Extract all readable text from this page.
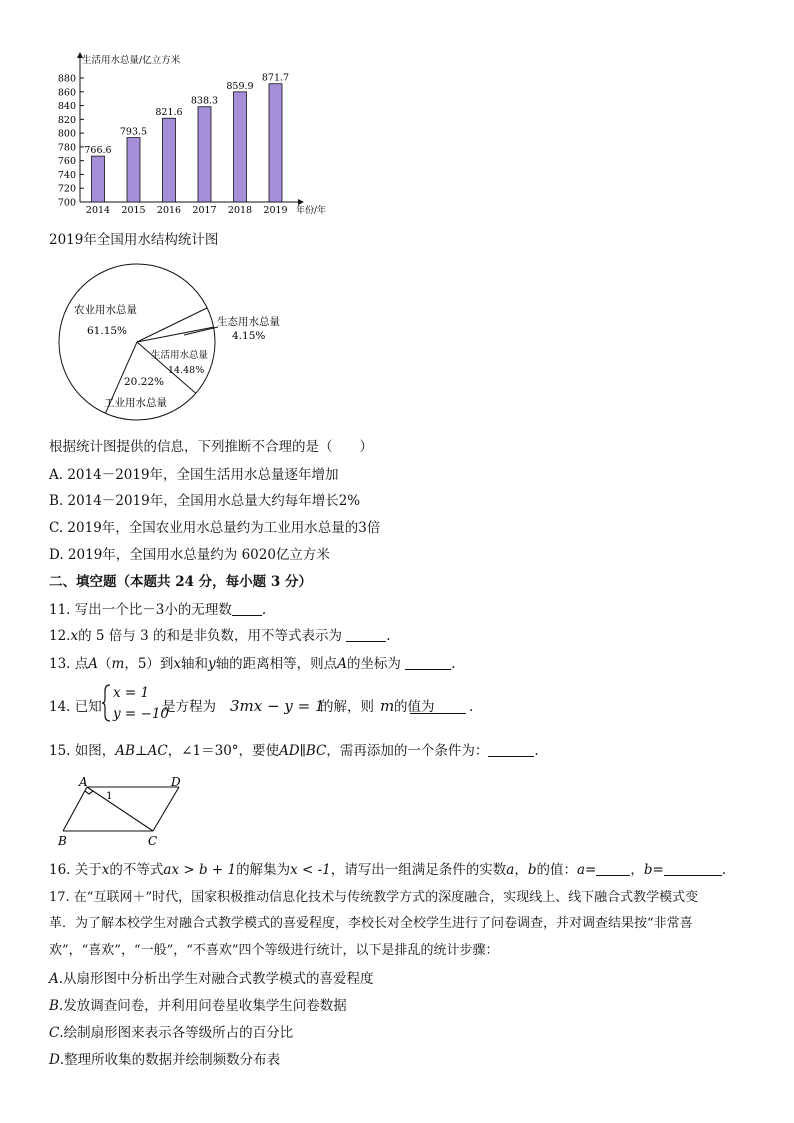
生活用水总量/亿立方米
年份/年
700
720
740
760
780
800
820
840
860
880
766.6
2014
793.5
2015
821.6
2016
838.3
2017
859.9
2018
871.7
2019
2019年全国用水结构统计图
农业用水总量
61.15%
生态用水总量
4.15%
生活用水总量
14.48%
20.22%
工业用水总量
根据统计图提供的信息，下列推断不合理的是（　　）
A. 2014－2019年，全国生活用水总量逐年增加
B. 2014－2019年，全国用水总量大约每年增长2%
C. 2019年，全国农业用水总量约为工业用水总量的3倍
D. 2019年，全国用水总量约为 6020亿立方米
二、填空题（本题共 24 分，每小题 3 分）
11. 写出一个比－3小的无理数 .
12.x的 5 倍与 3 的和是非负数，用不等式表示为	.
13. 点A（m，5）到x轴和y轴的距离相等，则点A的坐标为	.
14. 已知
x = 1
y = −10
是方程为 3mx − y = 1
的解，则 m 的值为	.
15. 如图，AB⊥AC，∠1＝30°，要使AD∥BC，需再添加的一个条件为：	.
A	D
B	C
1
16. 关于x的不等式ax > b + 1的解集为x < -1，请写出一组满足条件的实数a，b的值：a=	，b=	.
17. 在“互联网＋”时代，国家积极推动信息化技术与传统教学方式的深度融合，实现线上、线下融合式教学模式变
革．为了解本校学生对融合式教学模式的喜爱程度，李校长对全校学生进行了问卷调查，并对调查结果按“非常喜
欢”，“喜欢”，“一般”，“不喜欢”四个等级进行统计，以下是排乱的统计步骤：
A.从扇形图中分析出学生对融合式教学模式的喜爱程度
B.发放调查问卷，并利用问卷星收集学生问卷数据
C.绘制扇形图来表示各等级所占的百分比
D.整理所收集的数据并绘制频数分布表
